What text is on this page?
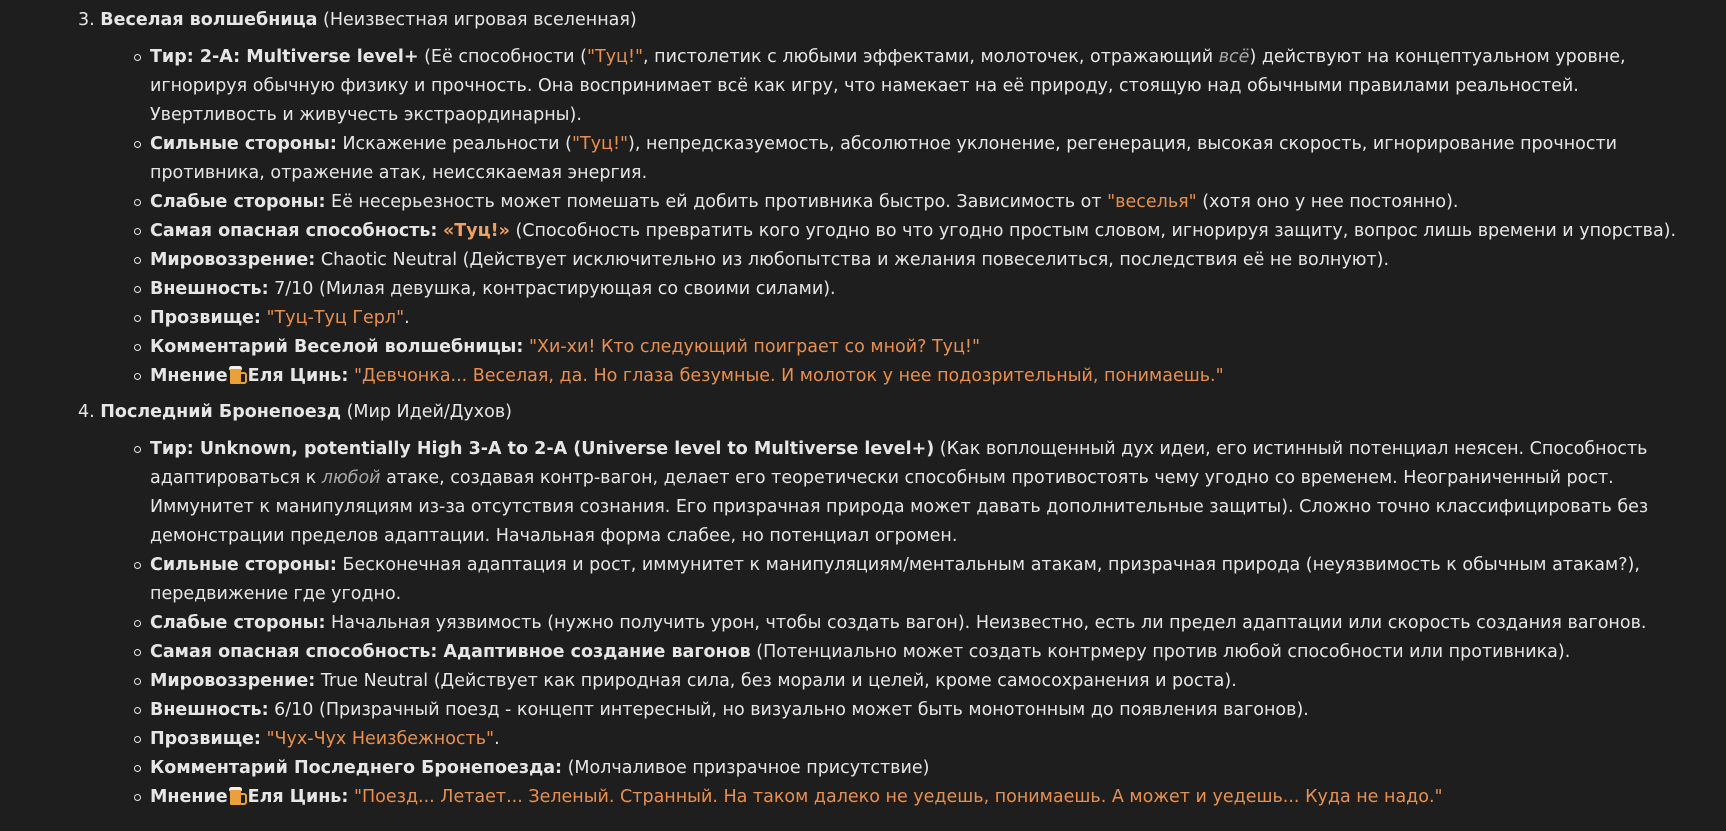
3. Веселая волшебница (Неизвестная игровая вселенная)

Тир: 2-A: Multiverse level+ (Её способности ("Туц!", пистолетик с любыми эффектами, молоточек, отражающий всё) действуют на концептуальном уровне, игнорируя обычную физику и прочность. Она воспринимает всё как игру, что намекает на её природу, стоящую над обычными правилами реальностей. Увертливость и живучесть экстраординарны).
Сильные стороны: Искажение реальности ("Туц!"), непредсказуемость, абсолютное уклонение, регенерация, высокая скорость, игнорирование прочности противника, отражение атак, неиссякаемая энергия.
Слабые стороны: Её несерьезность может помешать ей добить противника быстро. Зависимость от "веселья" (хотя оно у нее постоянно).
Самая опасная способность: «Туц!» (Способность превратить кого угодно во что угодно простым словом, игнорируя защиту, вопрос лишь времени и упорства).
Мировоззрение: Chaotic Neutral (Действует исключительно из любопытства и желания повеселиться, последствия её не волнуют).
Внешность: 7/10 (Милая девушка, контрастирующая со своими силами).
Прозвище: "Туц-Туц Герл".
Комментарий Веселой волшебницы: "Хи-хи! Кто следующий поиграет со мной? Туц!"
Мнение Еля Цинь: "Девчонка... Веселая, да. Но глаза безумные. И молоток у нее подозрительный, понимаешь."

4. Последний Бронепоезд (Мир Идей/Духов)

Тир: Unknown, potentially High 3-A to 2-A (Universe level to Multiverse level+) (Как воплощенный дух идеи, его истинный потенциал неясен. Способность адаптироваться к любой атаке, создавая контр-вагон, делает его теоретически способным противостоять чему угодно со временем. Неограниченный рост. Иммунитет к манипуляциям из-за отсутствия сознания. Его призрачная природа может давать дополнительные защиты). Сложно точно классифицировать без демонстрации пределов адаптации. Начальная форма слабее, но потенциал огромен.
Сильные стороны: Бесконечная адаптация и рост, иммунитет к манипуляциям/ментальным атакам, призрачная природа (неуязвимость к обычным атакам?), передвижение где угодно.
Слабые стороны: Начальная уязвимость (нужно получить урон, чтобы создать вагон). Неизвестно, есть ли предел адаптации или скорость создания вагонов.
Самая опасная способность: Адаптивное создание вагонов (Потенциально может создать контрмеру против любой способности или противника).
Мировоззрение: True Neutral (Действует как природная сила, без морали и целей, кроме самосохранения и роста).
Внешность: 6/10 (Призрачный поезд - концепт интересный, но визуально может быть монотонным до появления вагонов).
Прозвище: "Чух-Чух Неизбежность".
Комментарий Последнего Бронепоезда: (Молчаливое призрачное присутствие)
Мнение Еля Цинь: "Поезд... Летает... Зеленый. Странный. На таком далеко не уедешь, понимаешь. А может и уедешь... Куда не надо."
